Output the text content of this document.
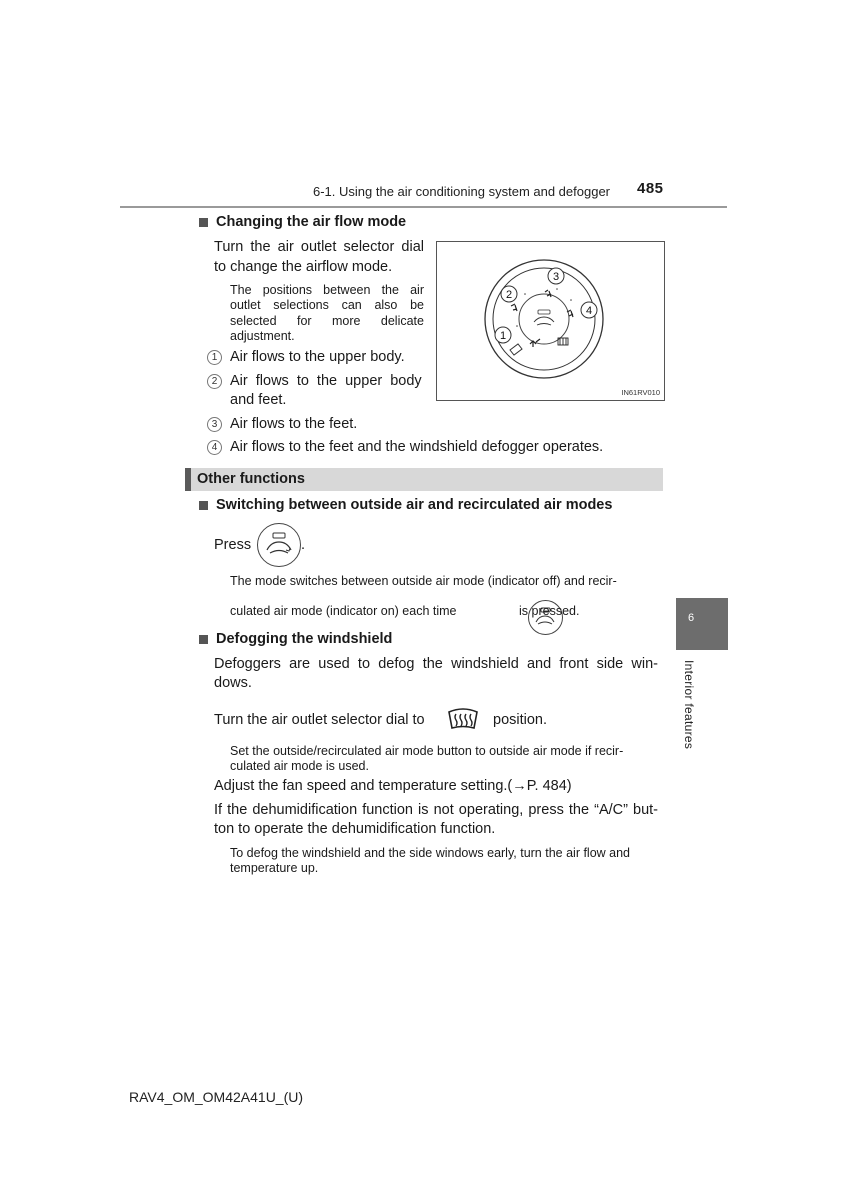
6-1. Using the air conditioning system and defogger 485
Changing the air flow mode
Turn the air outlet selector dial
to change the airflow mode.
The positions between the air
outlet selections can also be
selected for more delicate
adjustment.
1 Air flows to the upper body.
2 Air flows to the upper body
and feet.
3 Air flows to the feet.
4 Air flows to the feet and the windshield defogger operates.
1
2
3
4
IN61RV010
Other functions
Switching between outside air and recirculated air modes
Press
	.
The mode switches between outside air mode (indicator off) and recir-
culated air mode (indicator on) each time	is pressed.
Defogging the windshield
Defoggers are used to defog the windshield and front side win-
dows.
Turn the air outlet selector dial to	position.
Set the outside/recirculated air mode button to outside air mode if recir-
culated air mode is used.
Adjust the fan speed and temperature setting.(→P. 484)
If the dehumidification function is not operating, press the “A/C” but-
ton to operate the dehumidification function.
To defog the windshield and the side windows early, turn the air flow and
temperature up.
6
Interior features
RAV4_OM_OM42A41U_(U)
